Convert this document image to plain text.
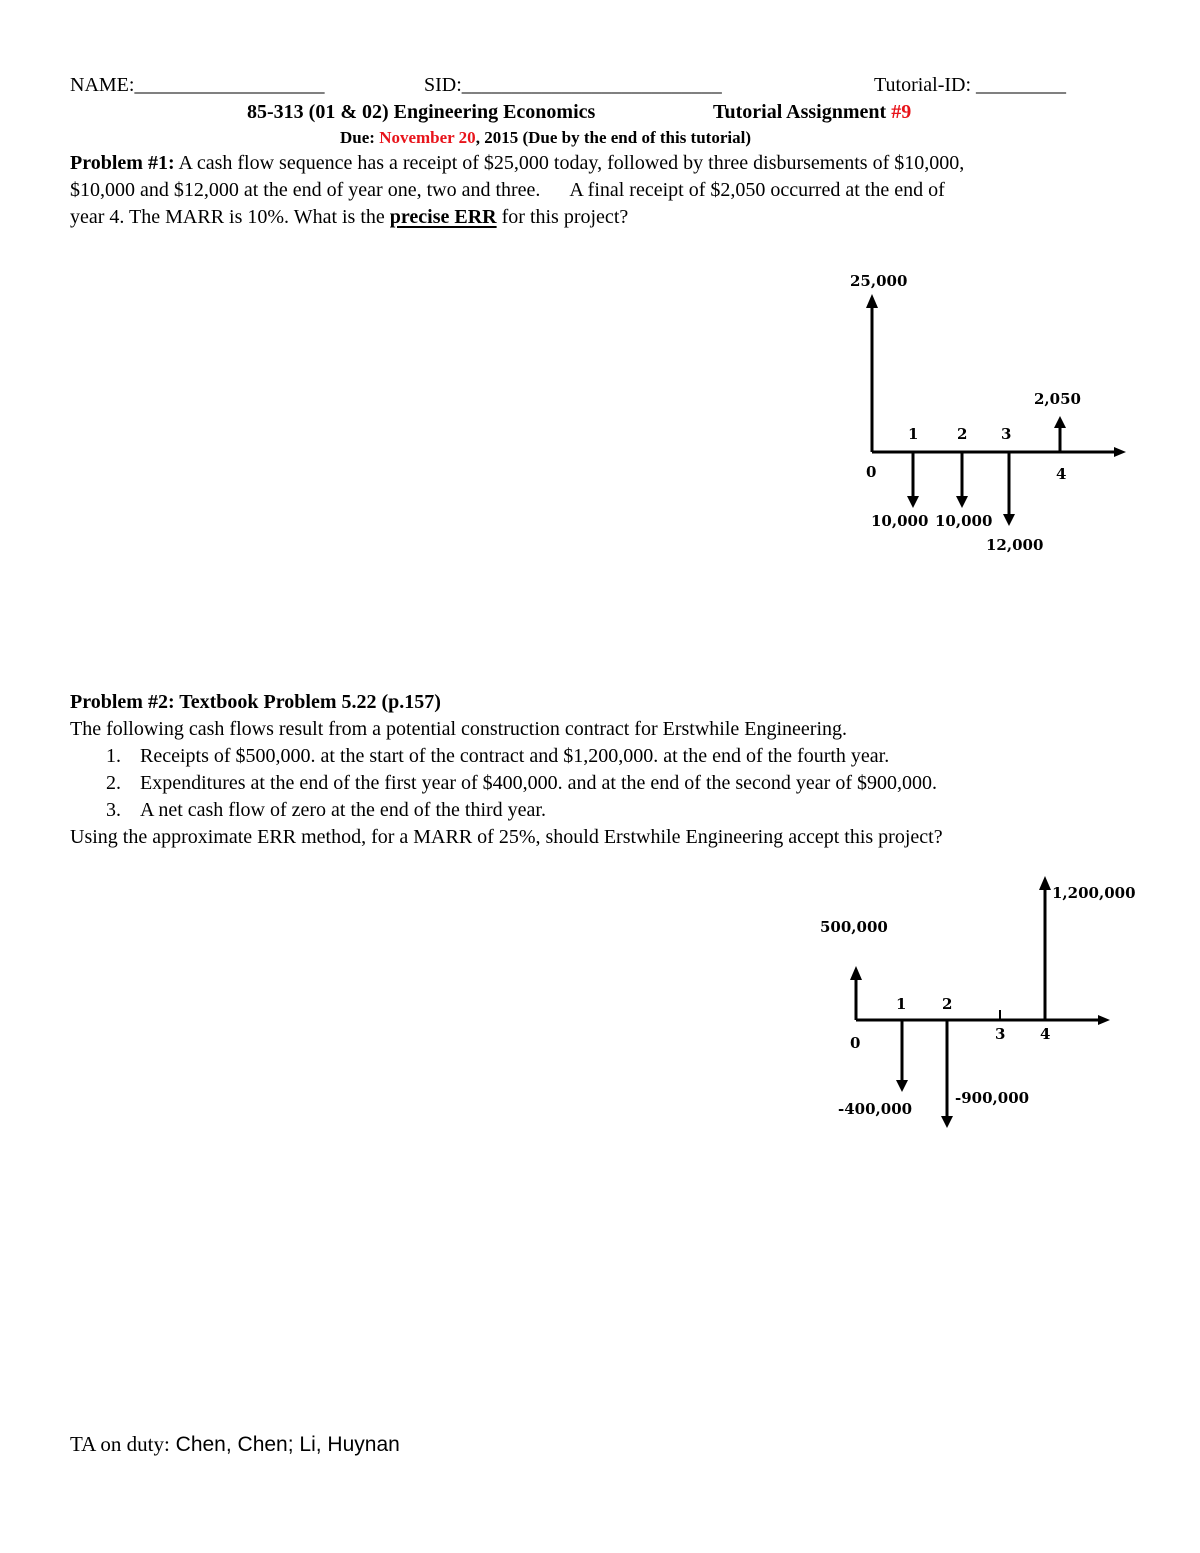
NAME:___________________	SID:__________________________	Tutorial-ID: _________
85-313 (01 & 02) Engineering Economics	Tutorial Assignment #9
Due: November 20, 2015 (Due by the end of this tutorial)
Problem #1: A cash flow sequence has a receipt of $25,000 today, followed by three disbursements of $10,000,
$10,000 and $12,000 at the end of year one, two and three.      A final receipt of $2,050 occurred at the end of
year 4. The MARR is 10%. What is the precise ERR for this project?
25,000
2,050
0
1	2 3
4
10,000 10,000
12,000
Problem #2: Textbook Problem 5.22 (p.157)
The following cash flows result from a potential construction contract for Erstwhile Engineering.
1. Receipts of $500,000. at the start of the contract and $1,200,000. at the end of the fourth year.
2. Expenditures at the end of the first year of $400,000. and at the end of the second year of $900,000.
3. A net cash flow of zero at the end of the third year.
Using the approximate ERR method, for a MARR of 25%, should Erstwhile Engineering accept this project?
500,000
1,200,000
0
1 2
3 4
-400,000
-900,000
TA on duty: Chen, Chen; Li, Huynan
